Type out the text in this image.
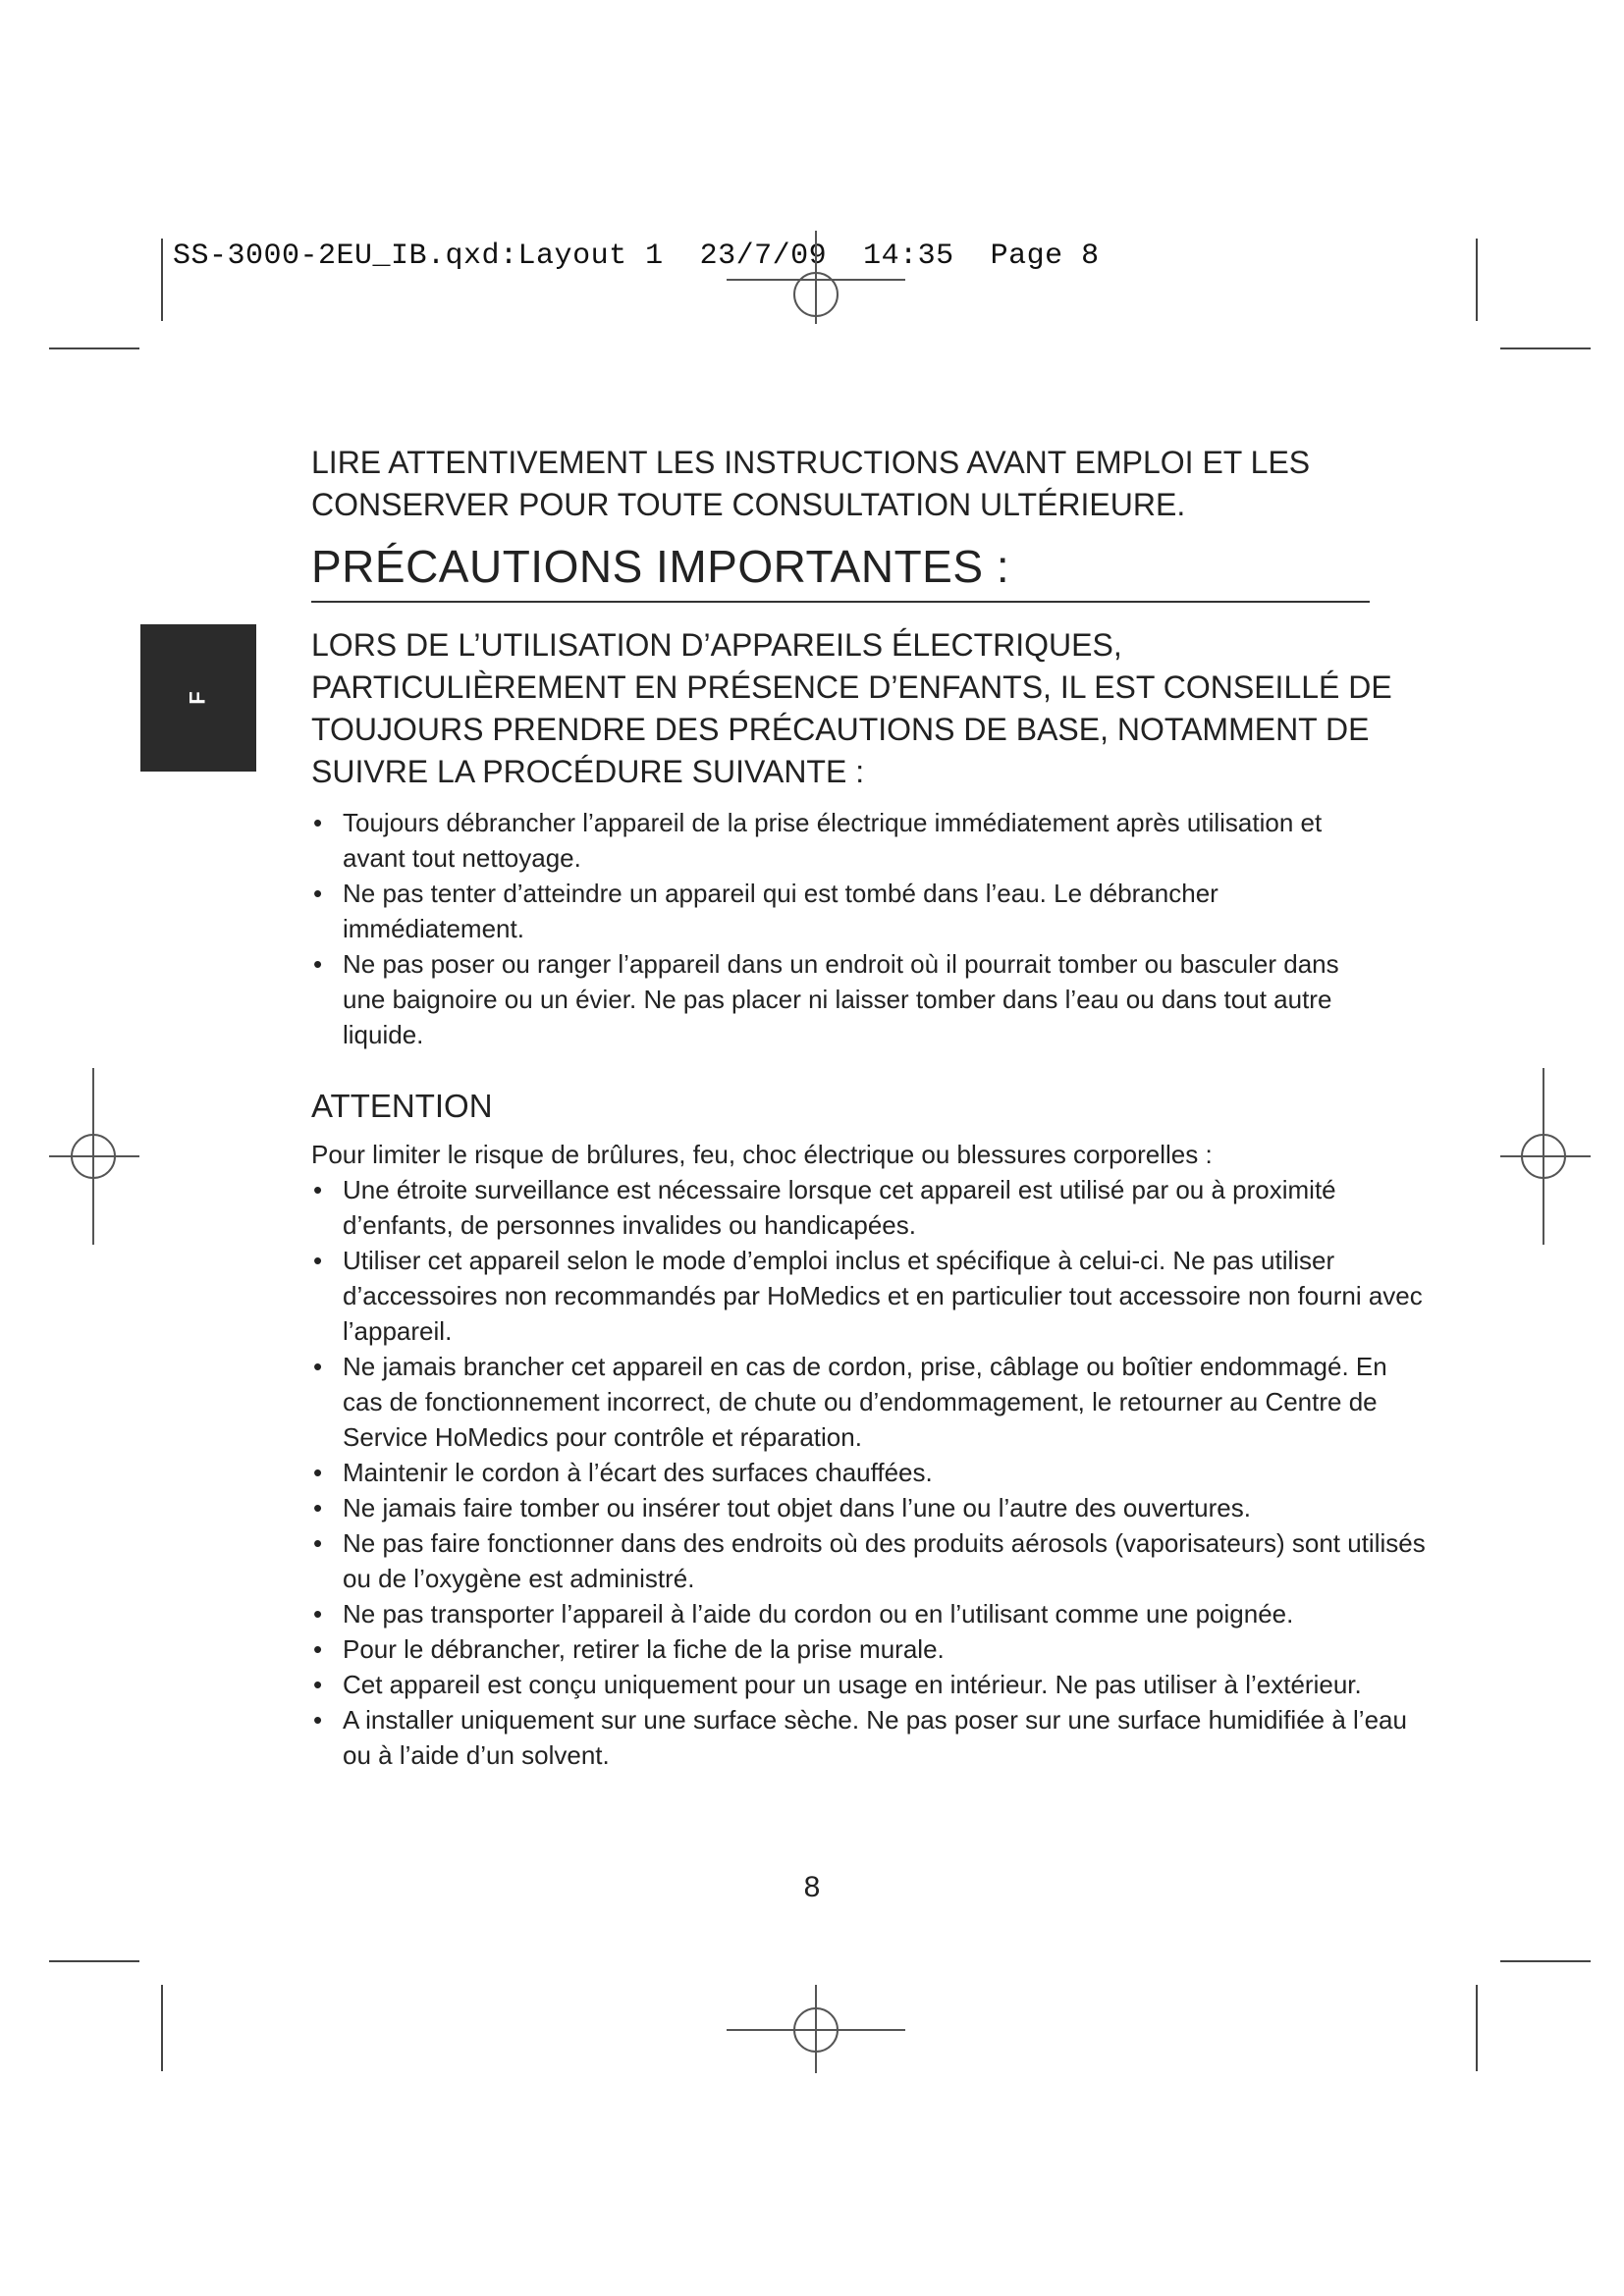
SS-3000-2EU_IB.qxd:Layout 1  23/7/09  14:35  Page 8
F

LIRE ATTENTIVEMENT LES INSTRUCTIONS AVANT EMPLOI ET LES CONSERVER POUR TOUTE CONSULTATION ULTÉRIEURE.

PRÉCAUTIONS IMPORTANTES :

LORS DE L’UTILISATION D’APPAREILS ÉLECTRIQUES, PARTICULIÈREMENT EN PRÉSENCE D’ENFANTS, IL EST CONSEILLÉ DE TOUJOURS PRENDRE DES PRÉCAUTIONS DE BASE, NOTAMMENT DE SUIVRE LA PROCÉDURE SUIVANTE :

• Toujours débrancher l’appareil de la prise électrique immédiatement après utilisation et avant tout nettoyage.
• Ne pas tenter d’atteindre un appareil qui est tombé dans l’eau. Le débrancher immédiatement.
• Ne pas poser ou ranger l’appareil dans un endroit où il pourrait tomber ou basculer dans une baignoire ou un évier. Ne pas placer ni laisser tomber dans l’eau ou dans tout autre liquide.
ATTENTION

Pour limiter le risque de brûlures, feu, choc électrique ou blessures corporelles :

• Une étroite surveillance est nécessaire lorsque cet appareil est utilisé par ou à proximité d’enfants, de personnes invalides ou handicapées.
• Utiliser cet appareil selon le mode d’emploi inclus et spécifique à celui-ci. Ne pas utiliser d’accessoires non recommandés par HoMedics et en particulier tout accessoire non fourni avec l’appareil.
• Ne jamais brancher cet appareil en cas de cordon, prise, câblage ou boîtier endommagé. En cas de fonctionnement incorrect, de chute ou d’endommagement, le retourner au Centre de Service HoMedics pour contrôle et réparation.
• Maintenir le cordon à l’écart des surfaces chauffées.
• Ne jamais faire tomber ou insérer tout objet dans l’une ou l’autre des ouvertures.
• Ne pas faire fonctionner dans des endroits où des produits aérosols (vaporisateurs) sont utilisés ou de l’oxygène est administré.
• Ne pas transporter l’appareil à l’aide du cordon ou en l’utilisant comme une poignée.
• Pour le débrancher, retirer la fiche de la prise murale.
• Cet appareil est conçu uniquement pour un usage en intérieur. Ne pas utiliser à l’extérieur.
• A installer uniquement sur une surface sèche. Ne pas poser sur une surface humidifiée à l’eau ou à l’aide d’un solvent.
8
